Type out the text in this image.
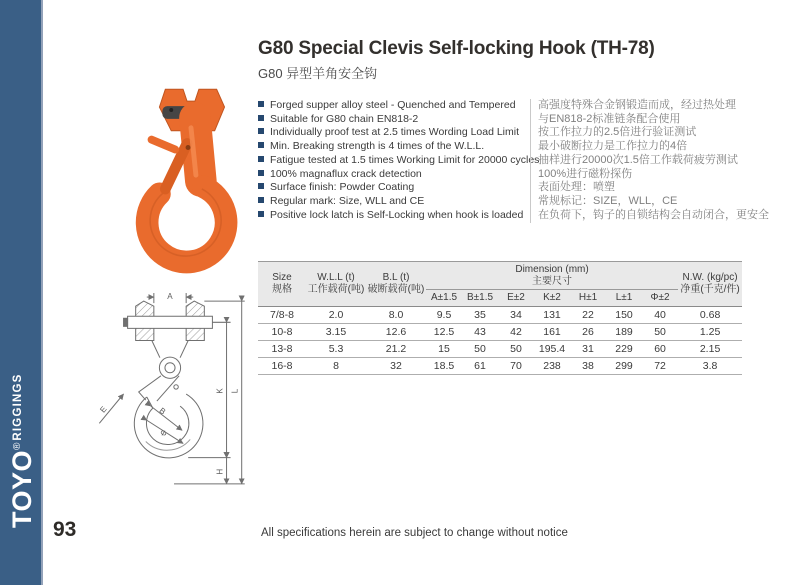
$TOYO^{®RIGGINGS}$
93
G80 Special Clevis Self-locking Hook (TH-78)
G80 异型羊角安全钩
Forged supper alloy steel - Quenched and Tempered
Suitable for G80 chain EN818-2
Individually proof test at 2.5 times Wording Load Limit
Min. Breaking strength is 4 times of the W.L.L.
Fatigue tested at 1.5 times Working Limit for 20000 cycles
100% magnaflux crack detection
Surface finish: Powder Coating
Regular mark: Size, WLL and CE
Positive lock latch is Self-Locking when hook is loaded
高强度特殊合金钢锻造而成，经过热处理
与EN818-2标准链条配合使用
按工作拉力的2.5倍进行验证测试
最小破断拉力是工作拉力的4倍
抽样进行20000次1.5倍工作载荷疲劳测试
100%进行磁粉探伤
表面处理：喷塑
常规标记：SIZE，WLL，CE
在负荷下，钩子的自锁结构会自动闭合，更安全
A
B
E
Φ
K L
H
Size
规格

W.L.L (t)
工作载荷(吨)

B.L (t)
破断载荷(吨)

Dimension (mm)
主要尺寸	N.W. (kg/pc)
净重(千克/件)

			A±1.5	B±1.5	E±2	K±2	H±1	L±1	Φ±2	
7/8-8	2.0	8.0	9.5	35	34	131	22	150	40	0.68
10-8	3.15	12.6	12.5	43	42	161	26	189	50	1.25
13-8	5.3	21.2	15	50	50	195.4	31	229	60	2.15
16-8	8	32	18.5	61	70	238	38	299	72	3.8
All specifications herein are subject to change without notice
